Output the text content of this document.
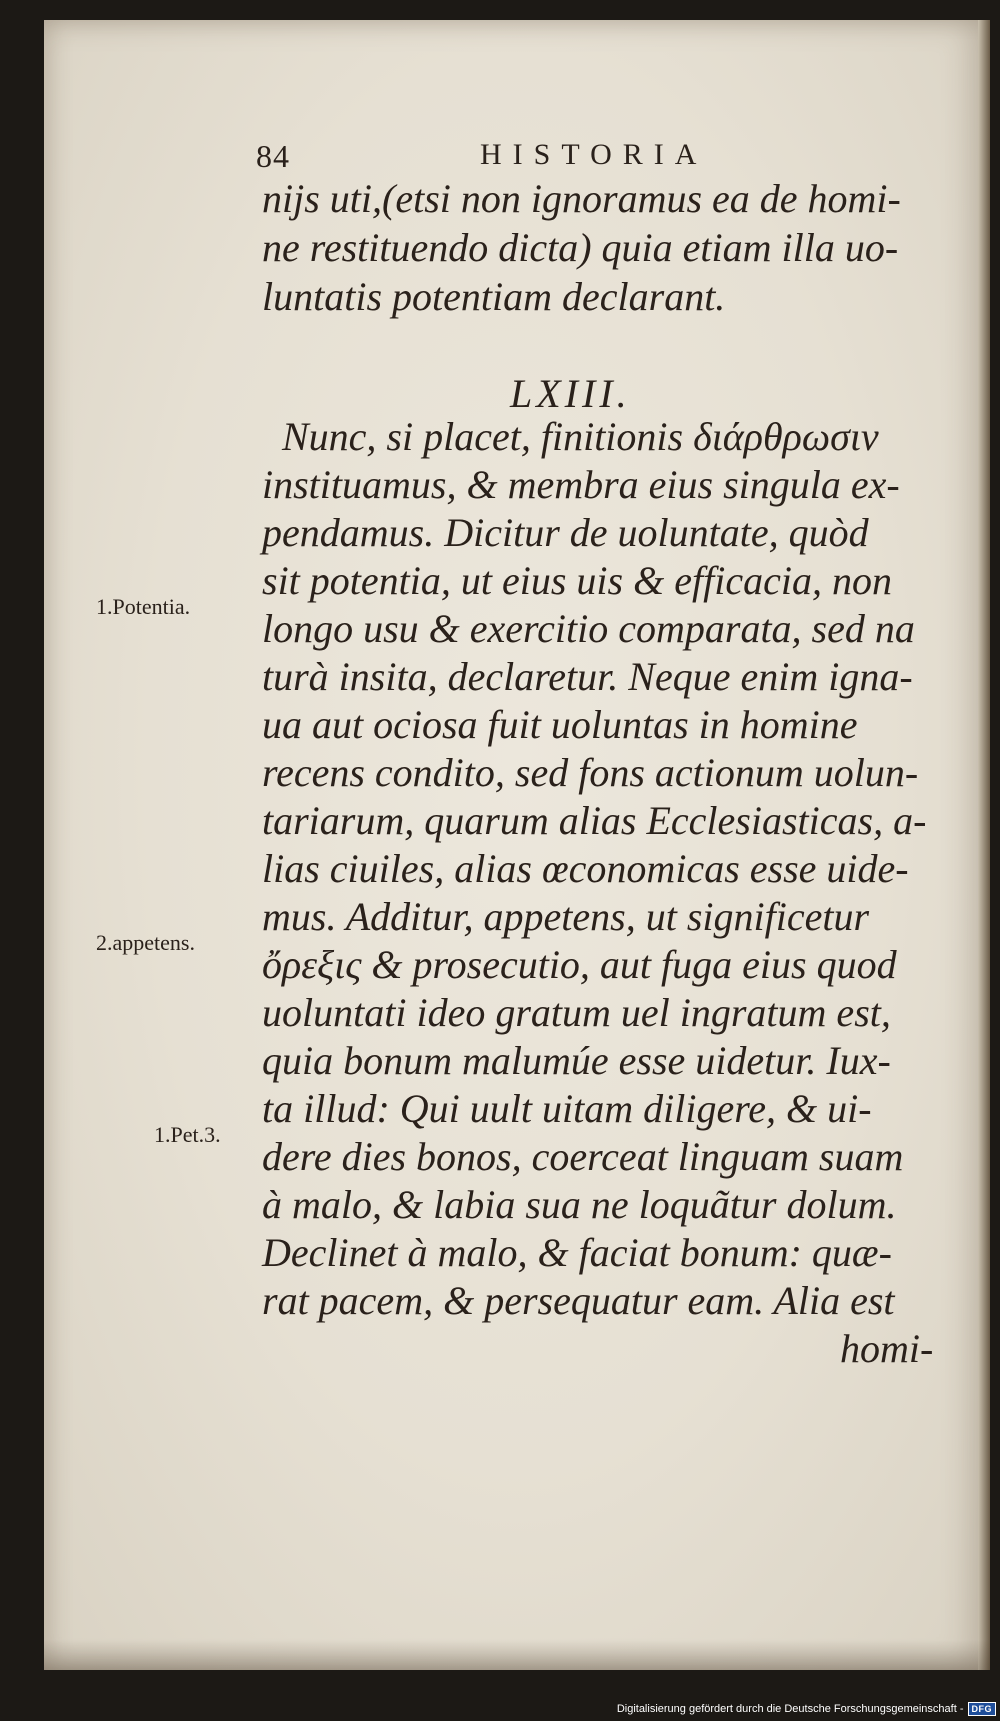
84	HISTORIA
nijs uti,(etsi non ignoramus ea de homi-
ne restituendo dicta) quia etiam illa uo-
luntatis potentiam declarant.
Nunc, si placet, finitionis διάρθρωσιν
instituamus, & membra eius singula ex-
pendamus. Dicitur de uoluntate, quòd
sit potentia, ut eius uis & efficacia, non
longo usu & exercitio comparata, sed na
turà insita, declaretur. Neque enim igna-
ua aut ociosa fuit uoluntas in homine
recens condito, sed fons actionum uolun-
tariarum, quarum alias Ecclesiasticas, a-
lias ciuiles, alias œconomicas esse uide-
mus. Additur, appetens, ut significetur
ὄρεξις & prosecutio, aut fuga eius quod
uoluntati ideo gratum uel ingratum est,
quia bonum malumúe esse uidetur. Iux-
ta illud: Qui uult uitam diligere, & ui-
dere dies bonos, coerceat linguam suam
à malo, & labia sua ne loquãtur dolum.
Declinet à malo, & faciat bonum: quæ-
rat pacem, & persequatur eam. Alia est
homi-
LXIII.
1.Potentia.
2.appetens.
1.Pet.3.
Digitalisierung gefördert durch die Deutsche Forschungsgemeinschaft - DFG
